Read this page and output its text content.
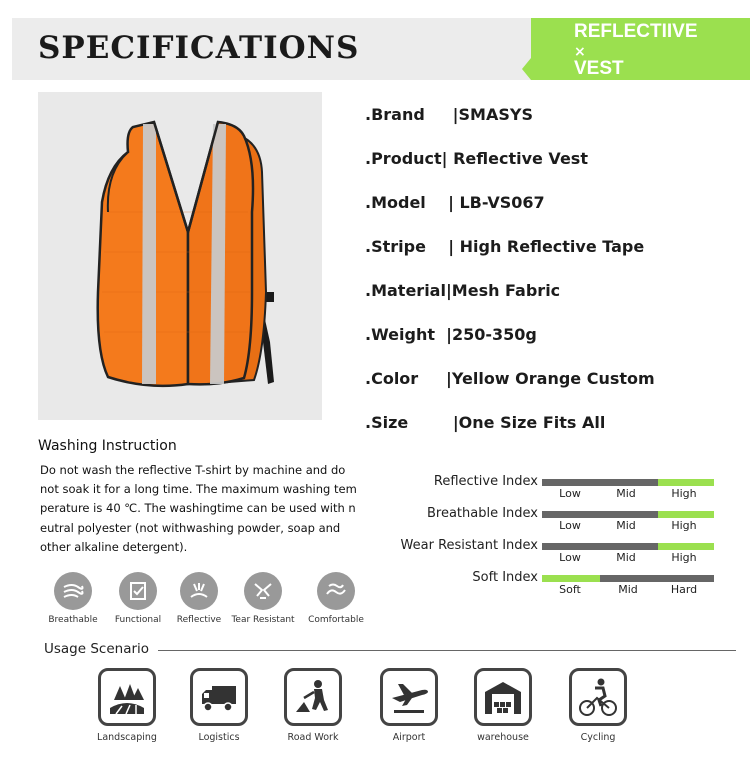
SPECIFICATIONS	REFLECTIIVE
×
VEST
.Brand     |SMASYS
.Product| Reflective Vest
.Model    | LB-VS067
.Stripe    | High Reflective Tape
.Material|Mesh Fabric
.Weight  |250-350g
.Color     |Yellow Orange Custom
.Size        |One Size Fits All
Washing Instruction
Do not wash the reflective T-shirt by machine and do
not soak it for a long time. The maximum washing tem
perature is 40 ℃. The washingtime can be used with n
eutral polyester (not withwashing powder, soap and
other alkaline detergent).
Breathable	Functional	Reflective	Tear Resistant	Comfortable
Reflective Index
Low	Mid	High
Breathable Index
Low	Mid	High
Wear Resistant Index
Low	Mid	High
Soft Index
Soft	Mid	Hard
Usage Scenario
Landscaping	Logistics	Road Work	Airport	warehouse	Cycling
